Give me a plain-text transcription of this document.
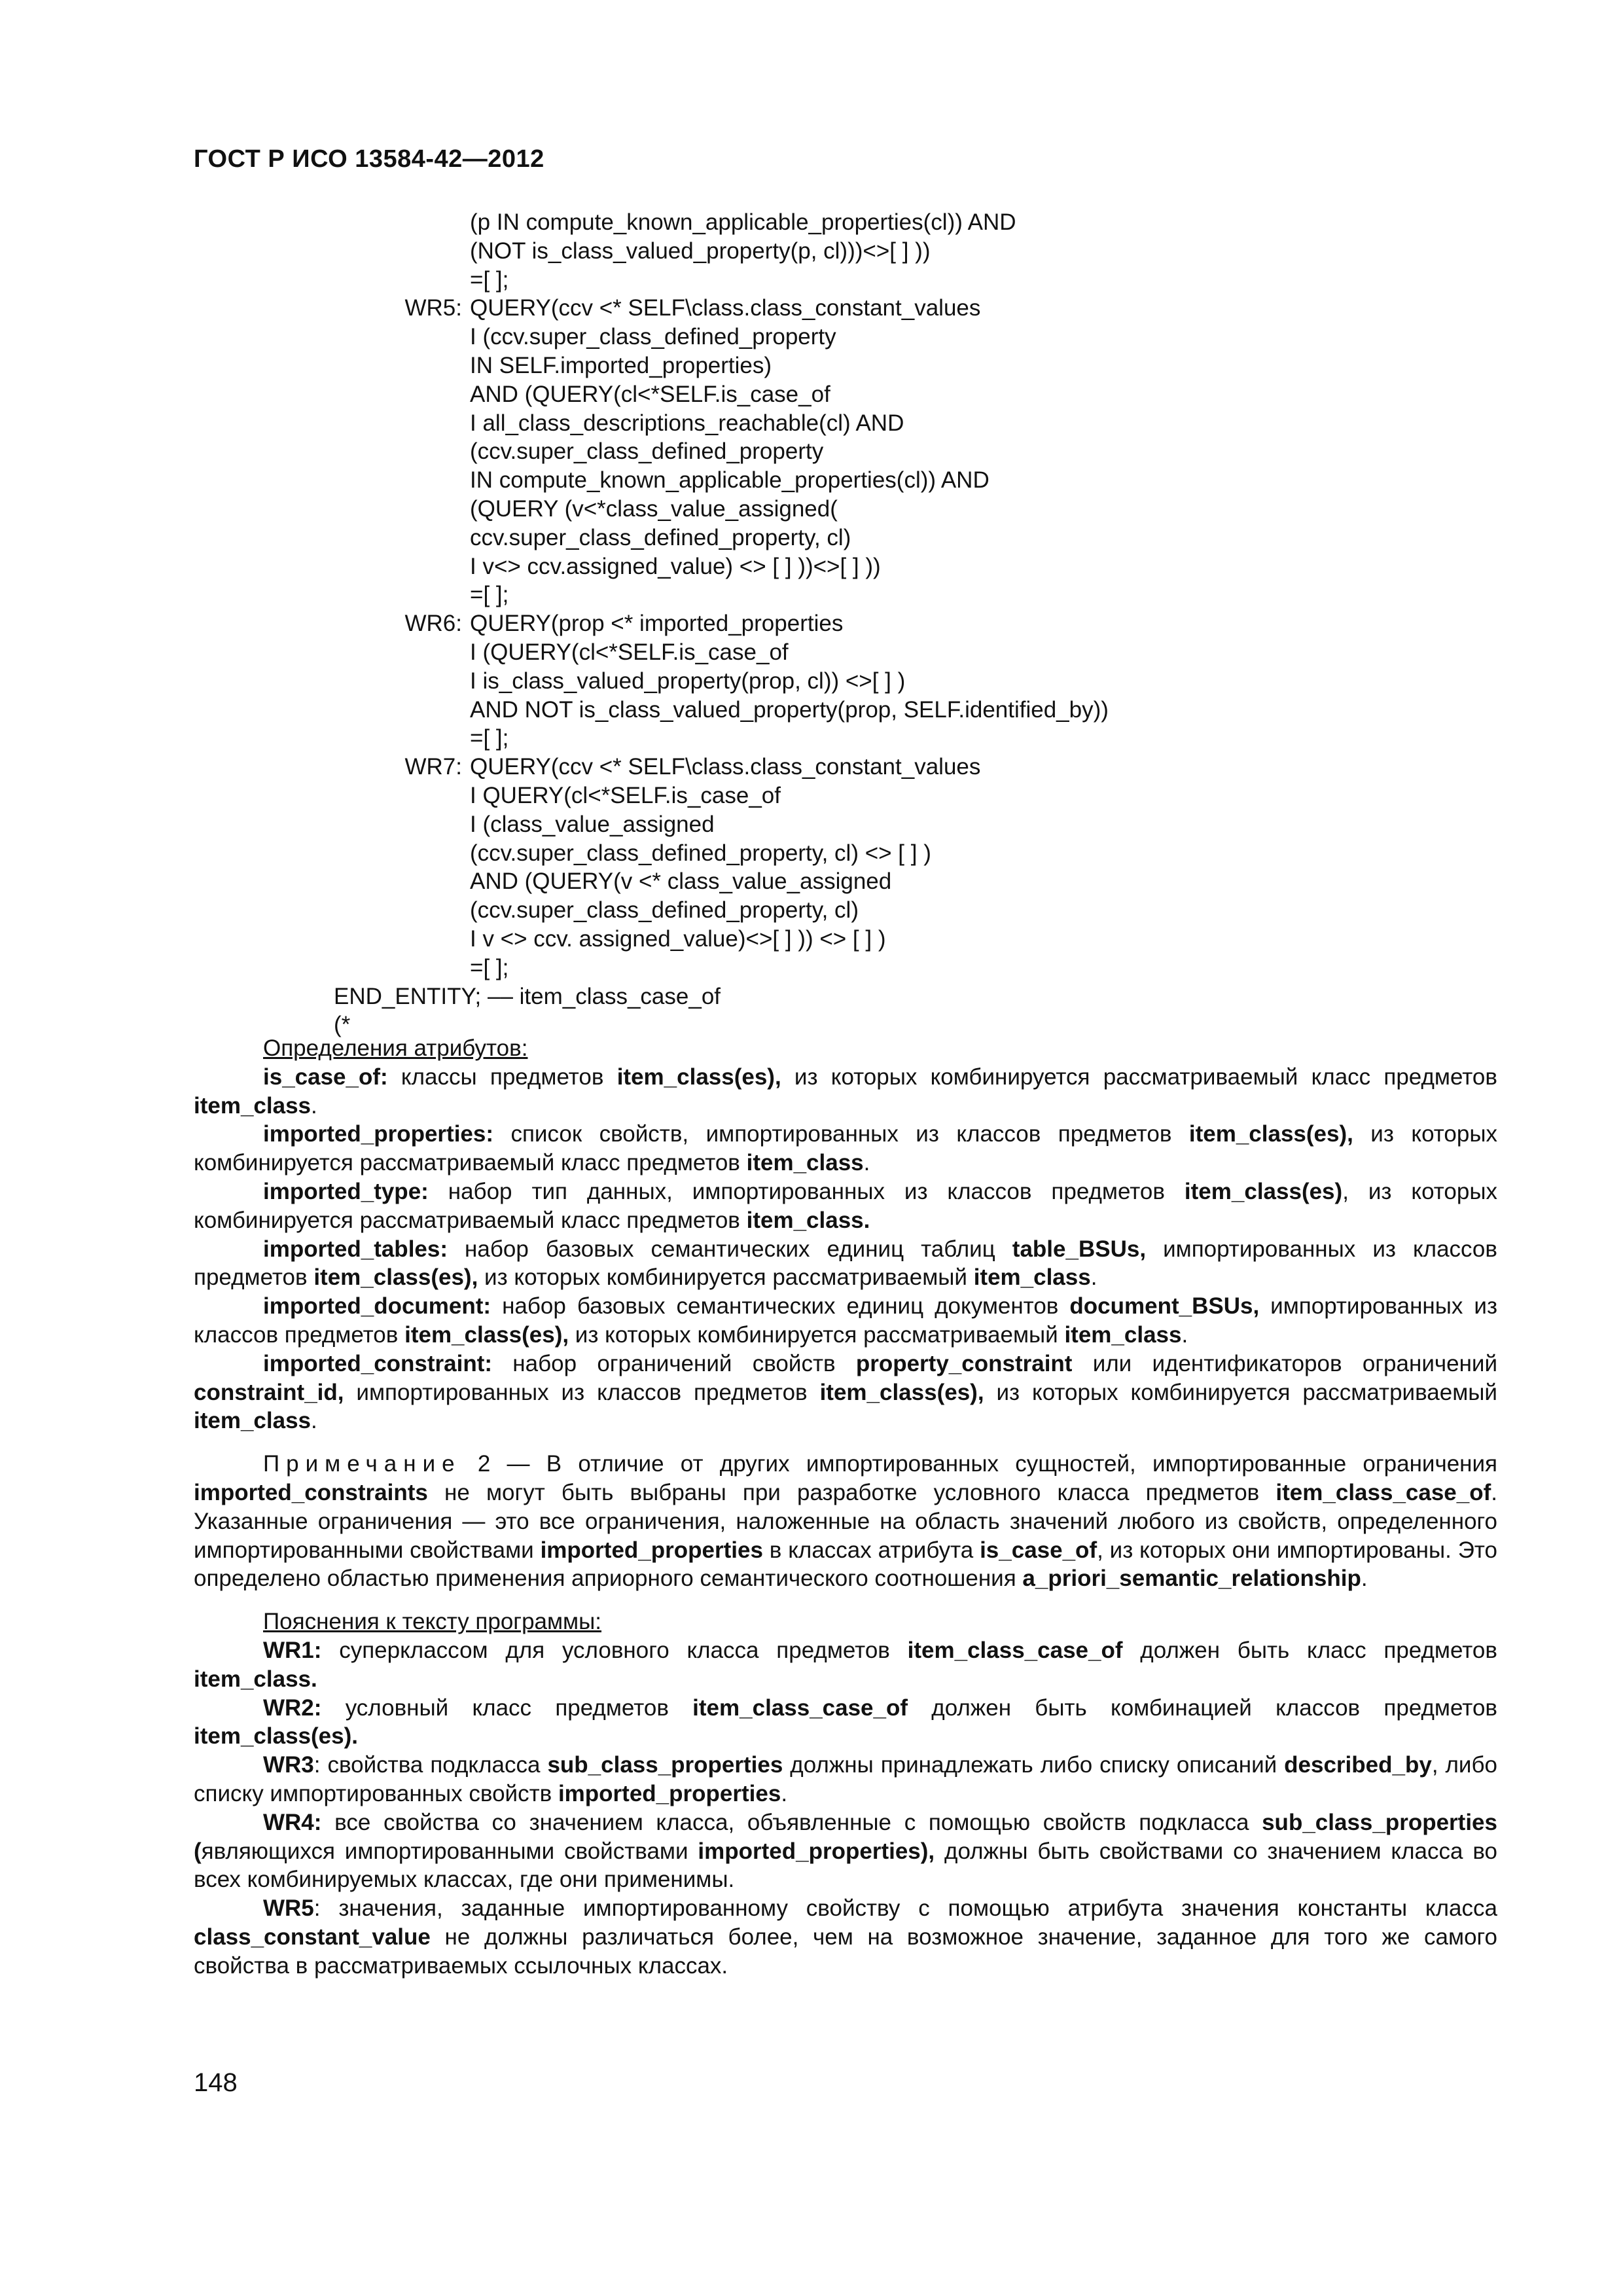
ГОСТ Р ИСО 13584-42—2012
(p IN compute_known_applicable_properties(cl)) AND
(NOT is_class_valued_property(p, cl)))<>[ ] ))
=[ ];
WR5: QUERY(ccv <* SELF\class.class_constant_values
I (ccv.super_class_defined_property
IN SELF.imported_properties)
AND (QUERY(cl<*SELF.is_case_of
I all_class_descriptions_reachable(cl) AND
(ccv.super_class_defined_property
IN compute_known_applicable_properties(cl)) AND
(QUERY (v<*class_value_assigned(
ccv.super_class_defined_property, cl)
I v<> ccv.assigned_value) <> [ ] ))<>[ ] ))
=[ ];
WR6: QUERY(prop <* imported_properties
I (QUERY(cl<*SELF.is_case_of
I is_class_valued_property(prop, cl)) <>[ ] )
AND NOT is_class_valued_property(prop, SELF.identified_by))
=[ ];
WR7: QUERY(ccv <* SELF\class.class_constant_values
I QUERY(cl<*SELF.is_case_of
I (class_value_assigned
(ccv.super_class_defined_property, cl) <> [ ] )
AND (QUERY(v <* class_value_assigned
(ccv.super_class_defined_property, cl)
I v <> ccv. assigned_value)<>[ ] )) <> [ ] )
=[ ];
END_ENTITY; –– item_class_case_of
(*

Определения атрибутов:

is_case_of: классы предметов item_class(es), из которых комбинируется рассматриваемый класс предметов item_class.

imported_properties: список свойств, импортированных из классов предметов item_class(es), из которых комбинируется рассматриваемый класс предметов item_class.

imported_type: набор тип данных, импортированных из классов предметов item_class(es), из которых комбинируется рассматриваемый класс предметов item_class.

imported_tables: набор базовых семантических единиц таблиц table_BSUs, импортированных из классов предметов item_class(es), из которых комбинируется рассматриваемый item_class.

imported_document: набор базовых семантических единиц документов document_BSUs, импортированных из классов предметов item_class(es), из которых комбинируется рассматриваемый item_class.

imported_constraint: набор ограничений свойств property_constraint или идентификаторов ограничений constraint_id, импортированных из классов предметов item_class(es), из которых комбинируется рассматриваемый item_class.

Примечание 2 — В отличие от других импортированных сущностей, импортированные ограничения imported_constraints не могут быть выбраны при разработке условного класса предметов item_class_case_of. Указанные ограничения — это все ограничения, наложенные на область значений любого из свойств, определенного импортированными свойствами imported_properties в классах атрибута is_case_of, из которых они импортированы. Это определено областью применения априорного семантического соотношения a_priori_semantic_relationship.

Пояснения к тексту программы:

WR1: суперклассом для условного класса предметов item_class_case_of должен быть класс предметов item_class.

WR2: условный класс предметов item_class_case_of должен быть комбинацией классов предметов item_class(es).

WR3: свойства подкласса sub_class_properties должны принадлежать либо списку описаний described_by, либо списку импортированных свойств imported_properties.

WR4: все свойства со значением класса, объявленные с помощью свойств подкласса sub_class_properties (являющихся импортированными свойствами imported_properties), должны быть свойствами со значением класса во всех комбинируемых классах, где они применимы.

WR5: значения, заданные импортированному свойству с помощью атрибута значения константы класса class_constant_value не должны различаться более, чем на возможное значение, заданное для того же самого свойства в рассматриваемых ссылочных классах.

148
